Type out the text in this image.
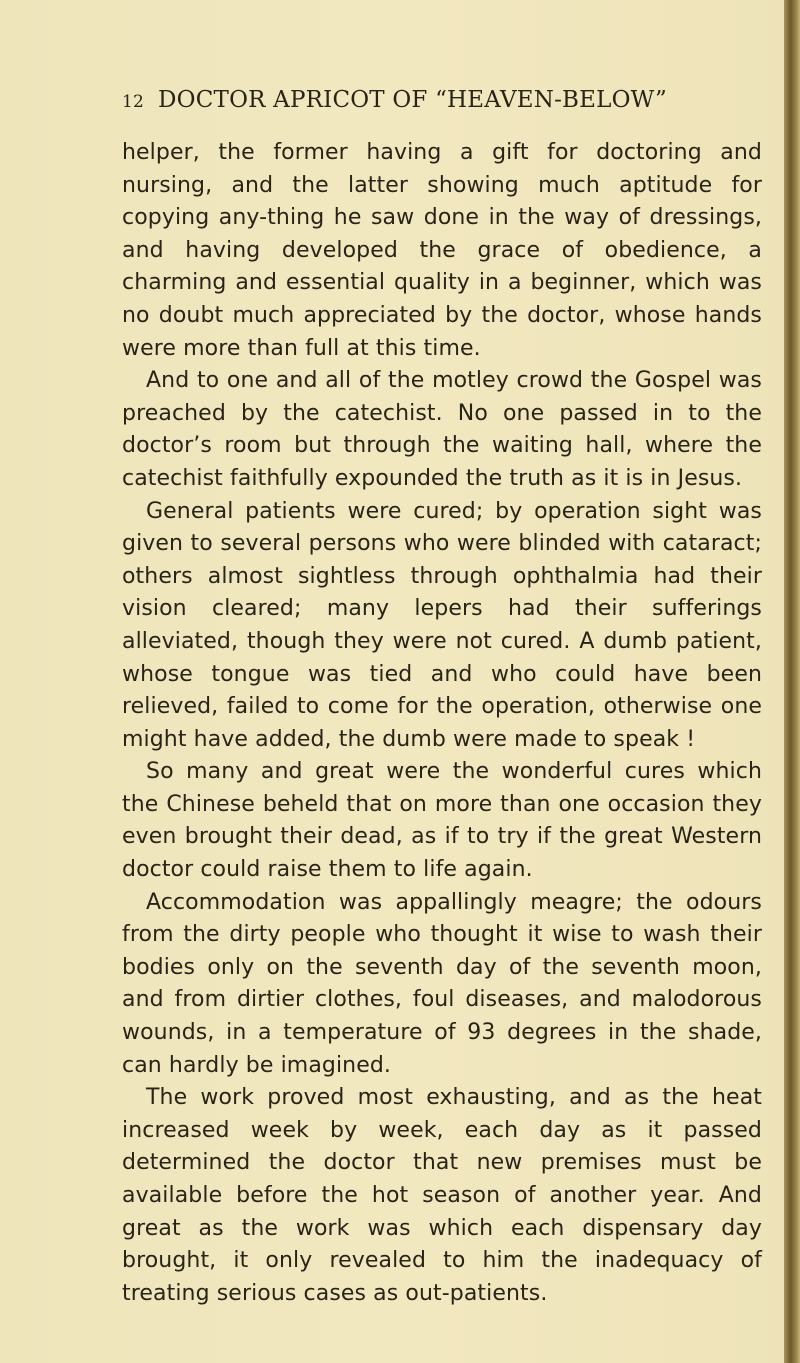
12 DOCTOR APRICOT OF “HEAVEN-BELOW”

helper, the former having a gift for doctoring and nursing, and the latter showing much aptitude for copying any-thing he saw done in the way of dressings, and having developed the grace of obedience, a charming and essential quality in a beginner, which was no doubt much appreciated by the doctor, whose hands were more than full at this time.

And to one and all of the motley crowd the Gospel was preached by the catechist. No one passed in to the doctor’s room but through the waiting hall, where the catechist faithfully expounded the truth as it is in Jesus.

General patients were cured; by operation sight was given to several persons who were blinded with cataract; others almost sightless through ophthalmia had their vision cleared; many lepers had their sufferings alleviated, though they were not cured. A dumb patient, whose tongue was tied and who could have been relieved, failed to come for the operation, otherwise one might have added, the dumb were made to speak !

So many and great were the wonderful cures which the Chinese beheld that on more than one occasion they even brought their dead, as if to try if the great Western doctor could raise them to life again.

Accommodation was appallingly meagre; the odours from the dirty people who thought it wise to wash their bodies only on the seventh day of the seventh moon, and from dirtier clothes, foul diseases, and malodorous wounds, in a temperature of 93 degrees in the shade, can hardly be imagined.

The work proved most exhausting, and as the heat increased week by week, each day as it passed determined the doctor that new premises must be available before the hot season of another year. And great as the work was which each dispensary day brought, it only revealed to him the inadequacy of treating serious cases as out-patients.
